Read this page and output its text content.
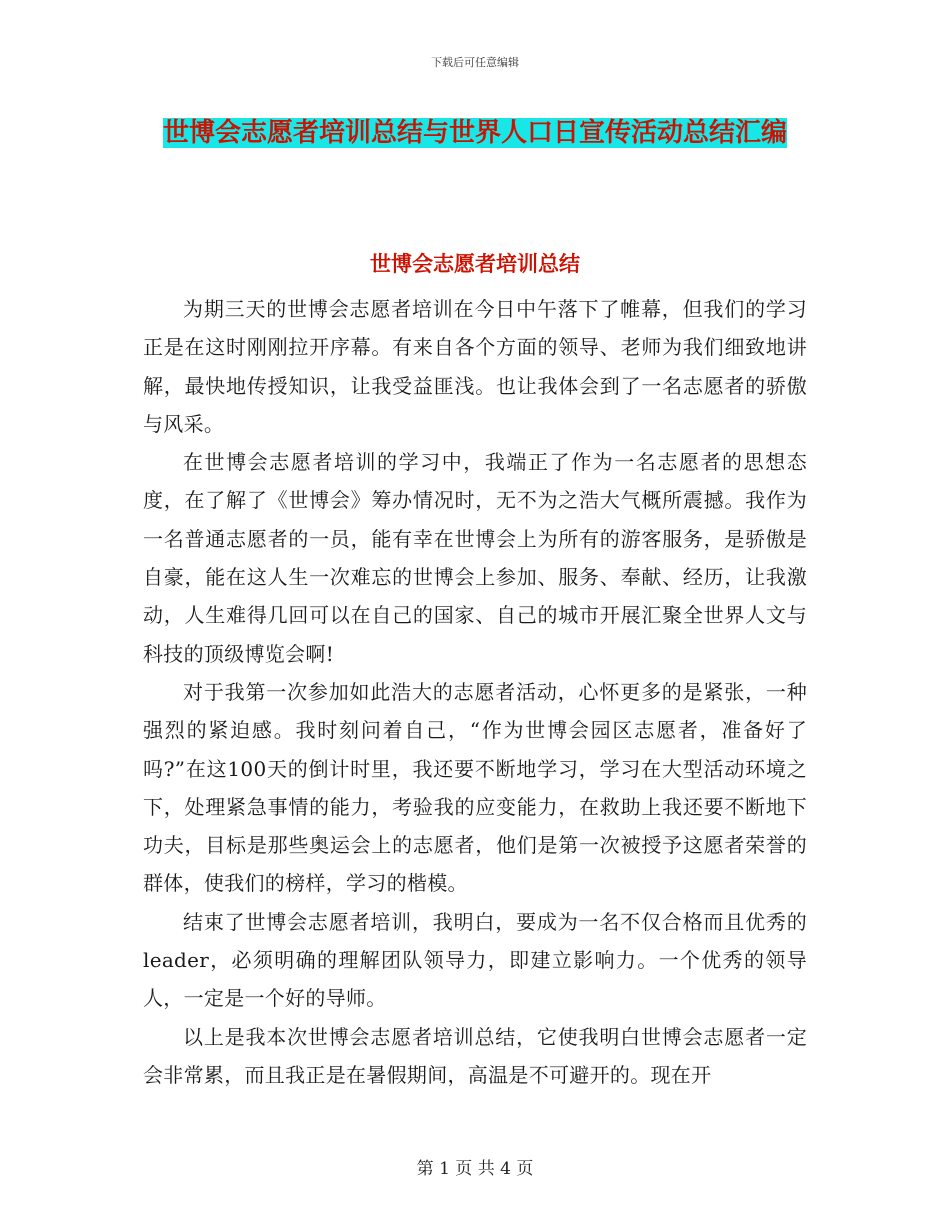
下载后可任意编辑
世博会志愿者培训总结与世界人口日宣传活动总结汇编
世博会志愿者培训总结

为期三天的世博会志愿者培训在今日中午落下了帷幕，但我们的学习正是在这时刚刚拉开序幕。有来自各个方面的领导、老师为我们细致地讲解，最快地传授知识，让我受益匪浅。也让我体会到了一名志愿者的骄傲与风采。

在世博会志愿者培训的学习中，我端正了作为一名志愿者的思想态度，在了解了《世博会》筹办情况时，无不为之浩大气概所震撼。我作为一名普通志愿者的一员，能有幸在世博会上为所有的游客服务，是骄傲是自豪，能在这人生一次难忘的世博会上参加、服务、奉献、经历，让我激动，人生难得几回可以在自己的国家、自己的城市开展汇聚全世界人文与科技的顶级博览会啊!

对于我第一次参加如此浩大的志愿者活动，心怀更多的是紧张，一种强烈的紧迫感。我时刻问着自己，“作为世博会园区志愿者，准备好了吗?”在这100天的倒计时里，我还要不断地学习，学习在大型活动环境之下，处理紧急事情的能力，考验我的应变能力，在救助上我还要不断地下功夫，目标是那些奥运会上的志愿者，他们是第一次被授予这愿者荣誉的群体，使我们的榜样，学习的楷模。

结束了世博会志愿者培训，我明白，要成为一名不仅合格而且优秀的leader，必须明确的理解团队领导力，即建立影响力。一个优秀的领导人，一定是一个好的导师。

以上是我本次世博会志愿者培训总结，它使我明白世博会志愿者一定会非常累，而且我正是在暑假期间，高温是不可避开的。现在开

第 1 页 共 4 页
